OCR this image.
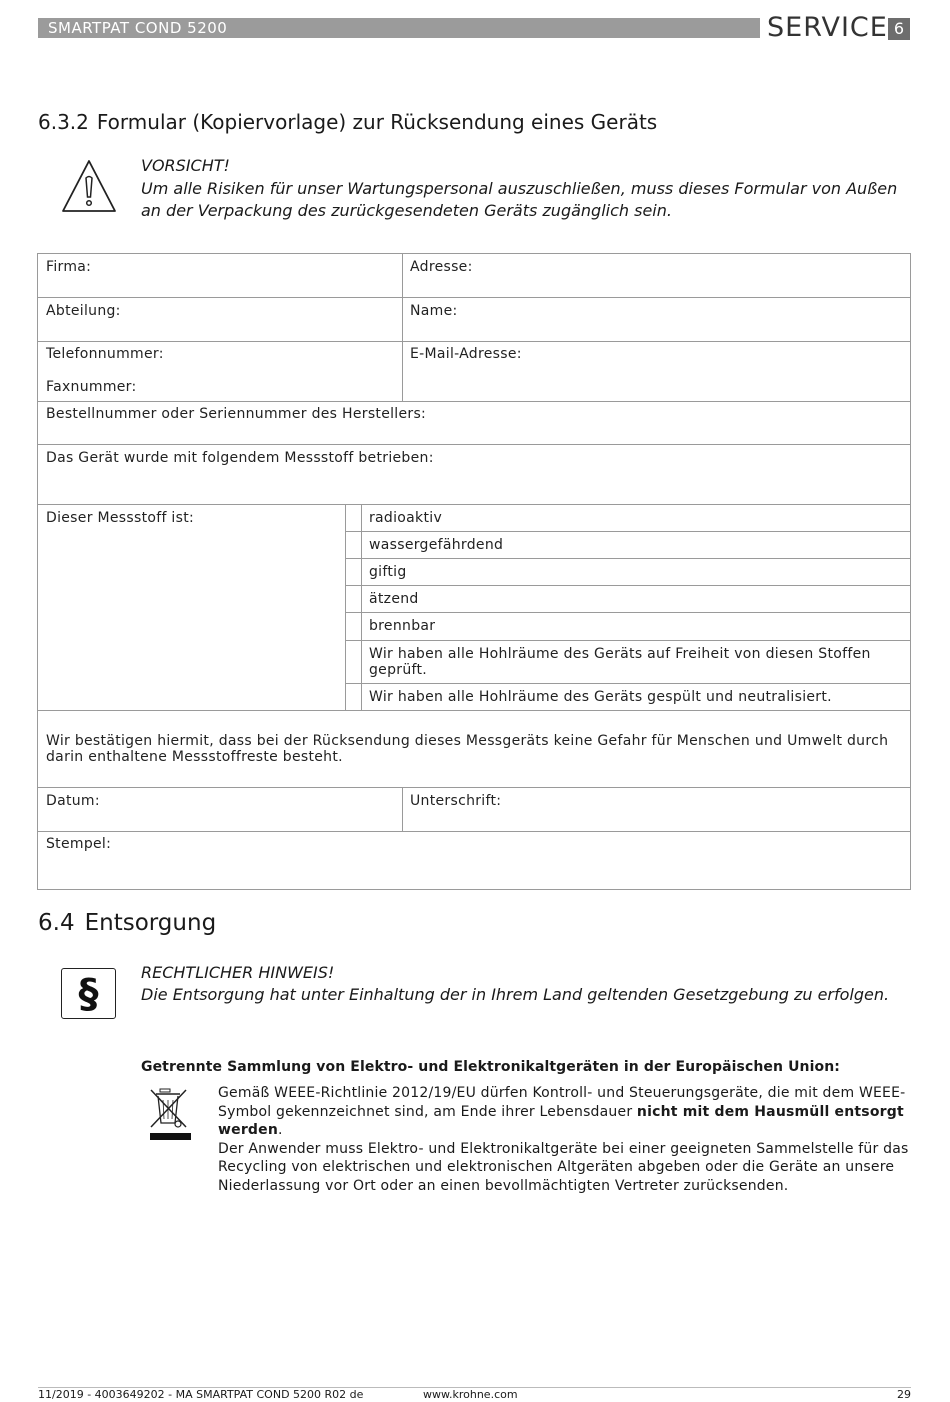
SMARTPAT COND 5200	SERVICE 6
6.3.2 Formular (Kopiervorlage) zur Rücksendung eines Geräts
VORSICHT!
Um alle Risiken für unser Wartungspersonal auszuschließen, muss dieses Formular von Außen an der Verpackung des zurückgesendeten Geräts zugänglich sein.
Firma:	Adresse:
Abteilung:	Name:
Telefonnummer:	E-Mail-Adresse:
Faxnummer:
Bestellnummer oder Seriennummer des Herstellers:
Das Gerät wurde mit folgendem Messstoff betrieben:
Dieser Messstoff ist:	radioaktiv
wassergefährdend
giftig
ätzend
brennbar
Wir haben alle Hohlräume des Geräts auf Freiheit von diesen Stoffen geprüft.
Wir haben alle Hohlräume des Geräts gespült und neutralisiert.
Wir bestätigen hiermit, dass bei der Rücksendung dieses Messgeräts keine Gefahr für Menschen und Umwelt durch darin enthaltene Messstoffreste besteht.
Datum:	Unterschrift:
Stempel:
6.4 Entsorgung
§	RECHTLICHER HINWEIS!
Die Entsorgung hat unter Einhaltung der in Ihrem Land geltenden Gesetzgebung zu erfolgen.
Getrennte Sammlung von Elektro- und Elektronikaltgeräten in der Europäischen Union:
Gemäß WEEE-Richtlinie 2012/19/EU dürfen Kontroll- und Steuerungsgeräte, die mit dem WEEE-Symbol gekennzeichnet sind, am Ende ihrer Lebensdauer nicht mit dem Hausmüll entsorgt werden.
Der Anwender muss Elektro- und Elektronikaltgeräte bei einer geeigneten Sammelstelle für das Recycling von elektrischen und elektronischen Altgeräten abgeben oder die Geräte an unsere Niederlassung vor Ort oder an einen bevollmächtigten Vertreter zurücksenden.
11/2019 - 4003649202 - MA SMARTPAT COND 5200 R02 de	www.krohne.com	29
